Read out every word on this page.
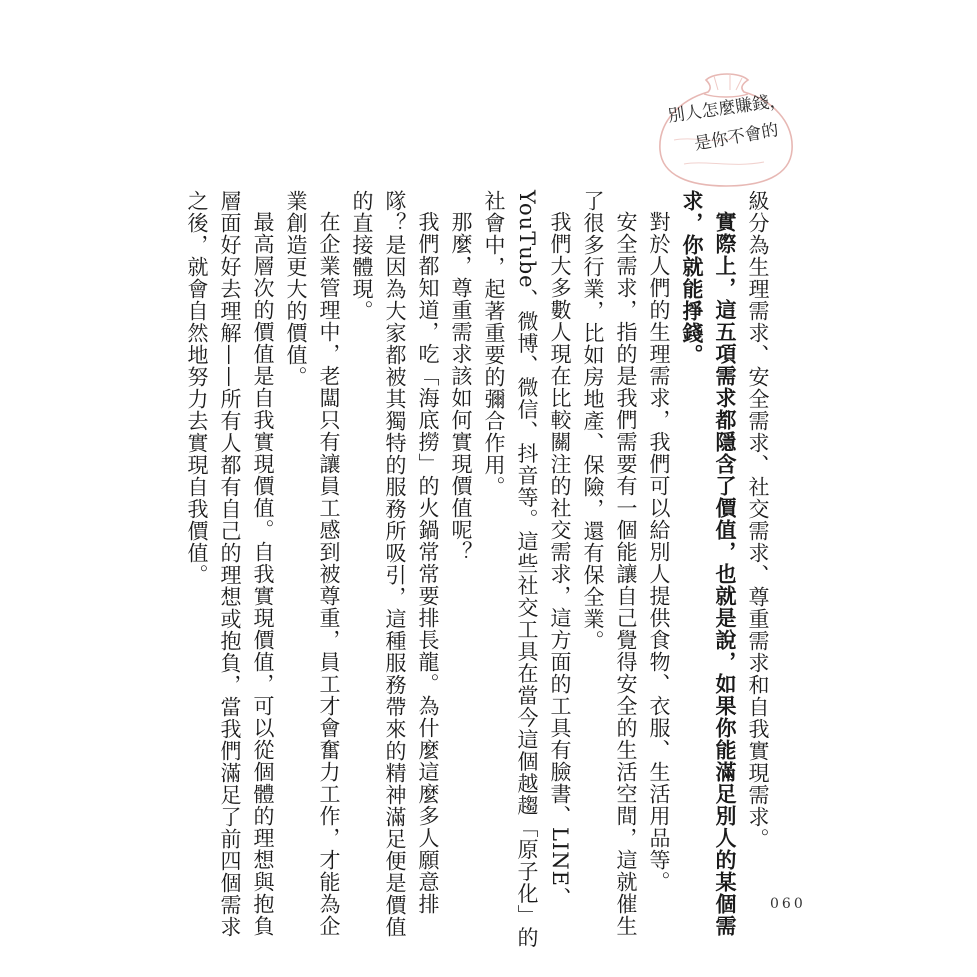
別人怎麼賺錢，
是你不會的

級分為生理需求、安全需求、社交需求、尊重需求和自我實現需求。

實際上，這五項需求都隱含了價值，也就是說，如果你能滿足別人的某個需求，你就能掙錢。

對於人們的生理需求，我們可以給別人提供食物、衣服、生活用品等。

安全需求，指的是我們需要有一個能讓自己覺得安全的生活空間，這就催生了很多行業，比如房地產、保險，還有保全業。

我們大多數人現在比較關注的社交需求，這方面的工具有臉書、LINE、YouTube、微博、微信、抖音等。這些社交工具在當今這個越趨「原子化」的社會中，起著重要的彌合作用。

那麼，尊重需求該如何實現價值呢？

我們都知道，吃「海底撈」的火鍋常常要排長龍。為什麼這麼多人願意排隊？是因為大家都被其獨特的服務所吸引，這種服務帶來的精神滿足便是價值的直接體現。

在企業管理中，老闆只有讓員工感到被尊重，員工才會奮力工作，才能為企業創造更大的價值。

最高層次的價值是自我實現價值。自我實現價值，可以從個體的理想與抱負層面好好去理解——所有人都有自己的理想或抱負，當我們滿足了前四個需求之後，就會自然地努力去實現自我價值。

060
